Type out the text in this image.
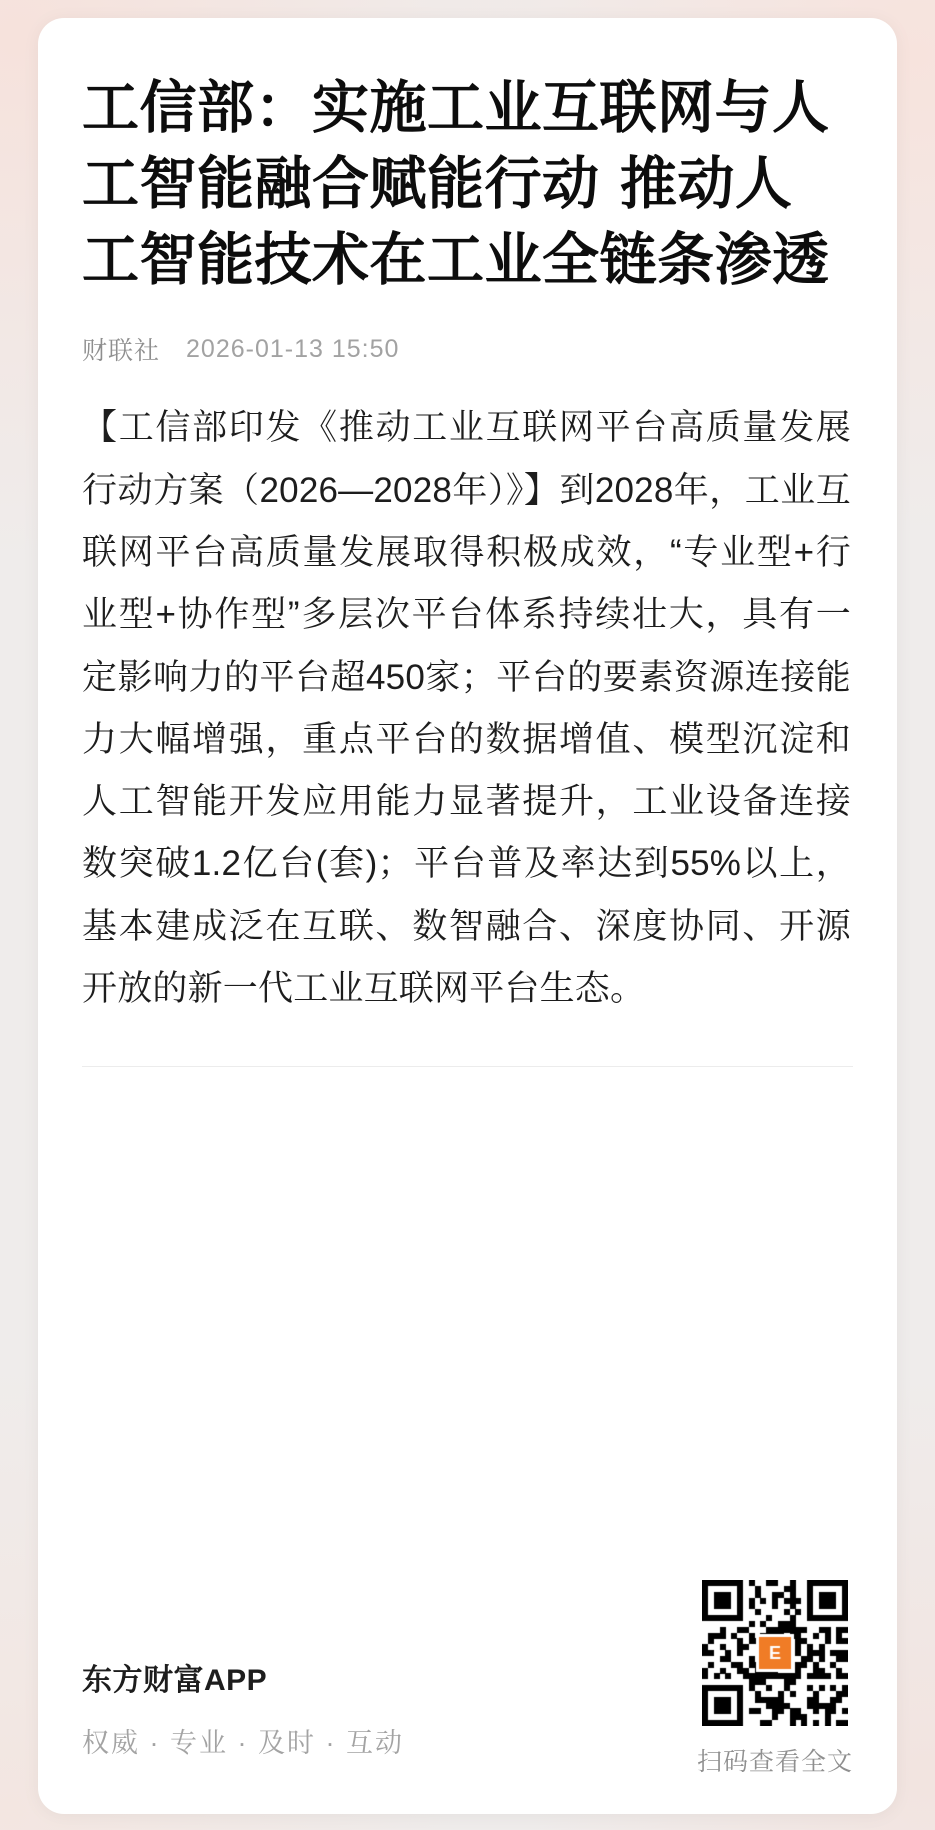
工信部：实施工业互联网与人工智能融合赋能行动 推动人工智能技术在工业全链条渗透
财联社 2026-01-13 15:50
【工信部印发《推动工业互联网平台高质量发展行动方案（2026—2028年）》】到2028年，工业互联网平台高质量发展取得积极成效，“专业型+行业型+协作型”多层次平台体系持续壮大，具有一定影响力的平台超450家；平台的要素资源连接能力大幅增强，重点平台的数据增值、模型沉淀和人工智能开发应用能力显著提升，工业设备连接数突破1.2亿台(套)；平台普及率达到55%以上，基本建成泛在互联、数智融合、深度协同、开源开放的新一代工业互联网平台生态。
东方财富APP
权威 · 专业 · 及时 · 互动
扫码查看全文
